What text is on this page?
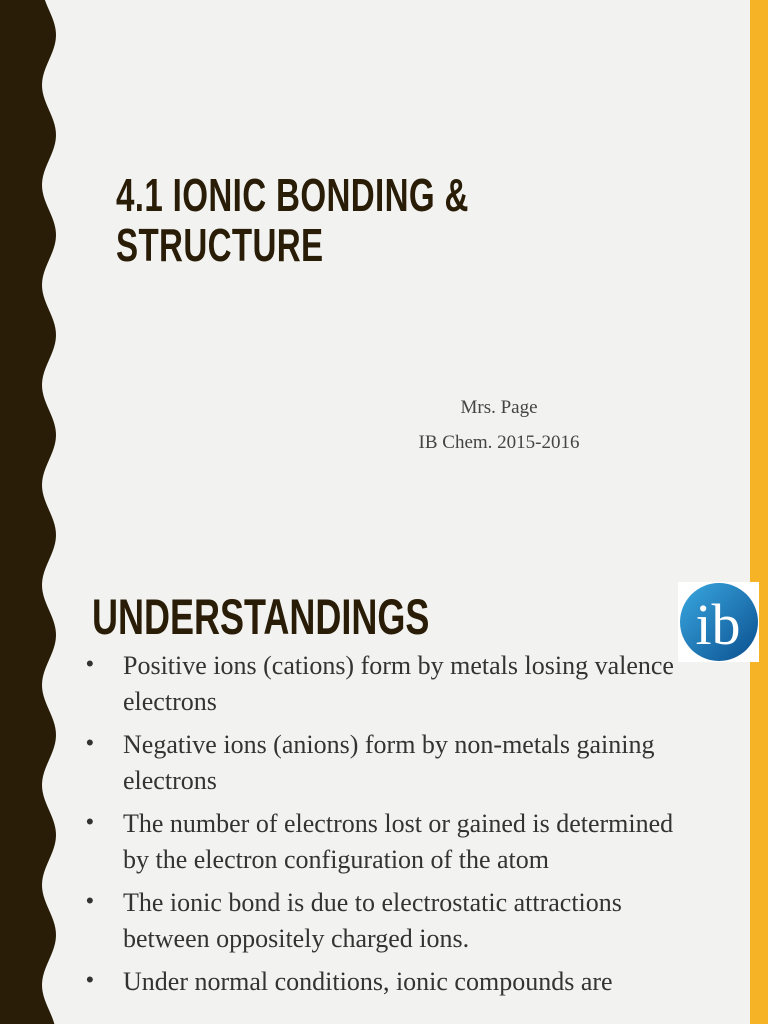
4.1 IONIC BONDING &
STRUCTURE
Mrs. Page
IB Chem. 2015-2016
UNDERSTANDINGS	ib
• Positive ions (cations) form by metals losing valence electrons
• Negative ions (anions) form by non-metals gaining electrons
• The number of electrons lost or gained is determined by the electron configuration of the atom
• The ionic bond is due to electrostatic attractions between oppositely charged ions.
• Under normal conditions, ionic compounds are
